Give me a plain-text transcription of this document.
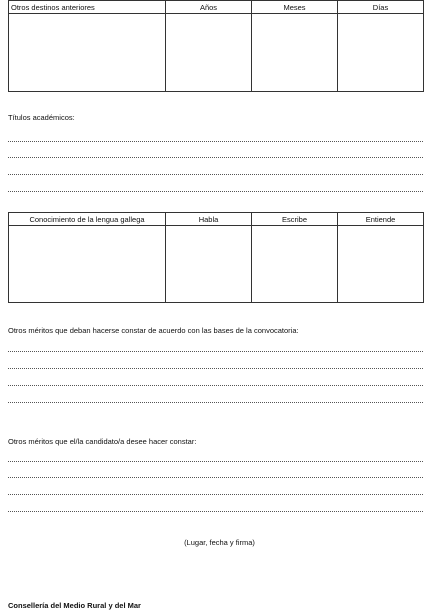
Otros destinos anteriores	Años	Meses	Días

Títulos académicos:
Conocimiento de la lengua gallega	Habla	Escribe	Entiende

Otros méritos que deban hacerse constar de acuerdo con las bases de la convocatoria:
Otros méritos que el/la candidato/a desee hacer constar:
(Lugar, fecha y firma)
Consellería del Medio Rural y del Mar
